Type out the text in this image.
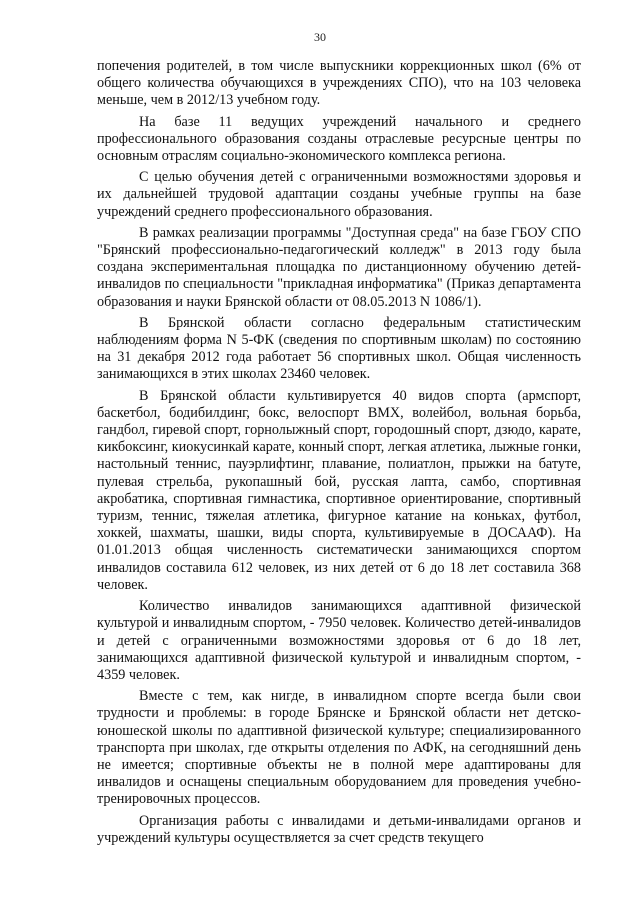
30

попечения родителей, в том числе выпускники коррекционных школ (6% от общего количества обучающихся в учреждениях СПО), что на 103 человека меньше, чем в 2012/13 учебном году.

На базе 11 ведущих учреждений начального и среднего профессионального образования созданы отраслевые ресурсные центры по основным отраслям социально-экономического комплекса региона.

С целью обучения детей с ограниченными возможностями здоровья и их дальнейшей трудовой адаптации созданы учебные группы на базе учреждений среднего профессионального образования.

В рамках реализации программы "Доступная среда" на базе ГБОУ СПО "Брянский профессионально-педагогический колледж" в 2013 году была создана экспериментальная площадка по дистанционному обучению детей-инвалидов по специальности "прикладная информатика" (Приказ департамента образования и науки Брянской области от 08.05.2013 N 1086/1).

В Брянской области согласно федеральным статистическим наблюдениям форма N 5-ФК (сведения по спортивным школам) по состоянию на 31 декабря 2012 года работает 56 спортивных школ. Общая численность занимающихся в этих школах 23460 человек.

В Брянской области культивируется 40 видов спорта (армспорт, баскетбол, бодибилдинг, бокс, велоспорт ВМХ, волейбол, вольная борьба, гандбол, гиревой спорт, горнолыжный спорт, городошный спорт, дзюдо, карате, кикбоксинг, киокусинкай карате, конный спорт, легкая атлетика, лыжные гонки, настольный теннис, пауэрлифтинг, плавание, полиатлон, прыжки на батуте, пулевая стрельба, рукопашный бой, русская лапта, самбо, спортивная акробатика, спортивная гимнастика, спортивное ориентирование, спортивный туризм, теннис, тяжелая атлетика, фигурное катание на коньках, футбол, хоккей, шахматы, шашки, виды спорта, культивируемые в ДОСААФ). На 01.01.2013 общая численность систематически занимающихся спортом инвалидов составила 612 человек, из них детей от 6 до 18 лет составила 368 человек.

Количество инвалидов занимающихся адаптивной физической культурой и инвалидным спортом, - 7950 человек. Количество детей-инвалидов и детей с ограниченными возможностями здоровья от 6 до 18 лет, занимающихся адаптивной физической культурой и инвалидным спортом, - 4359 человек.

Вместе с тем, как нигде, в инвалидном спорте всегда были свои трудности и проблемы: в городе Брянске и Брянской области нет детско-юношеской школы по адаптивной физической культуре; специализированного транспорта при школах, где открыты отделения по АФК, на сегодняшний день не имеется; спортивные объекты не в полной мере адаптированы для инвалидов и оснащены специальным оборудованием для проведения учебно-тренировочных процессов.

Организация работы с инвалидами и детьми-инвалидами органов и учреждений культуры осуществляется за счет средств текущего
